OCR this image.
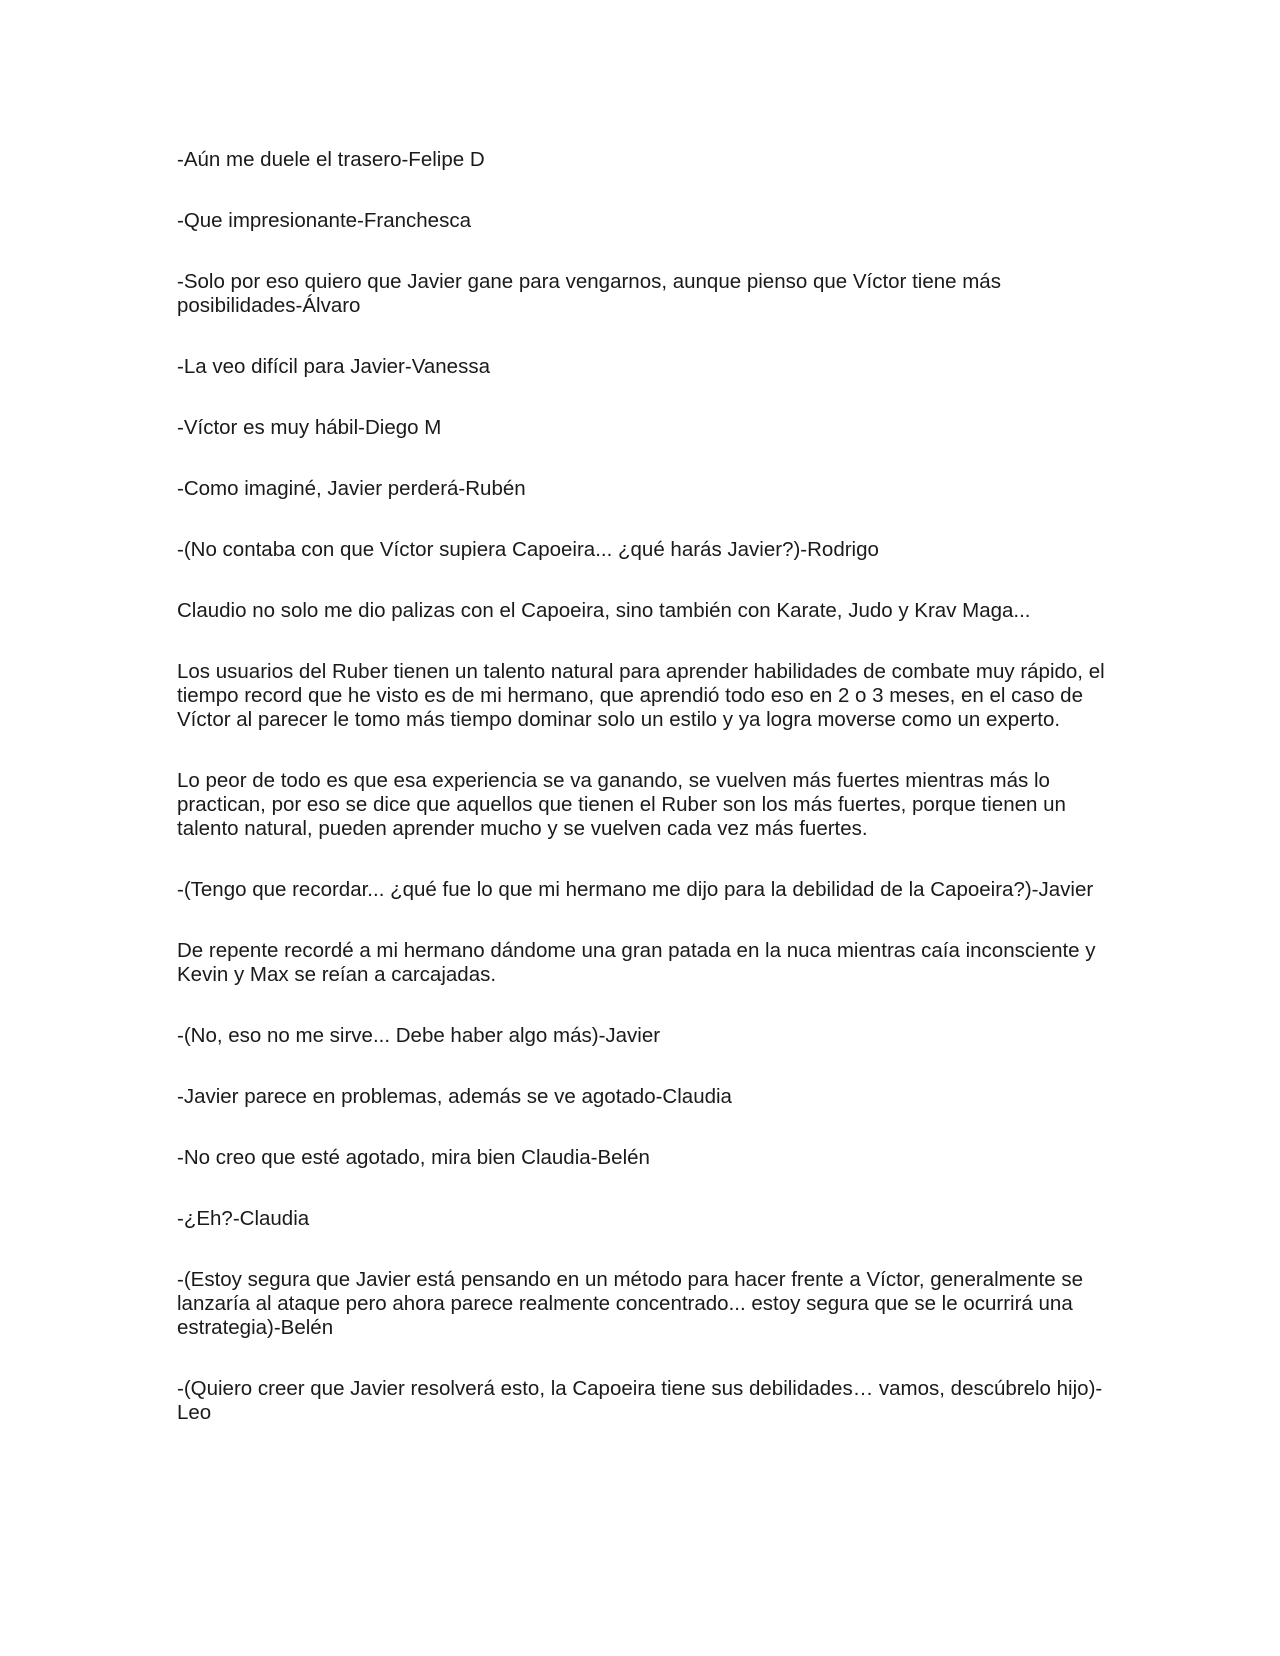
-Aún me duele el trasero-Felipe D

-Que impresionante-Franchesca

-Solo por eso quiero que Javier gane para vengarnos, aunque pienso que Víctor tiene más posibilidades-Álvaro

-La veo difícil para Javier-Vanessa

-Víctor es muy hábil-Diego M

-Como imaginé, Javier perderá-Rubén

-(No contaba con que Víctor supiera Capoeira... ¿qué harás Javier?)-Rodrigo

Claudio no solo me dio palizas con el Capoeira, sino también con Karate, Judo y Krav Maga...

Los usuarios del Ruber tienen un talento natural para aprender habilidades de combate muy rápido, el tiempo record que he visto es de mi hermano, que aprendió todo eso en 2 o 3 meses, en el caso de Víctor al parecer le tomo más tiempo dominar solo un estilo y ya logra moverse como un experto.

Lo peor de todo es que esa experiencia se va ganando, se vuelven más fuertes mientras más lo practican, por eso se dice que aquellos que tienen el Ruber son los más fuertes, porque tienen un talento natural, pueden aprender mucho y se vuelven cada vez más fuertes.

-(Tengo que recordar... ¿qué fue lo que mi hermano me dijo para la debilidad de la Capoeira?)-Javier

De repente recordé a mi hermano dándome una gran patada en la nuca mientras caía inconsciente y Kevin y Max se reían a carcajadas.

-(No, eso no me sirve... Debe haber algo más)-Javier

-Javier parece en problemas, además se ve agotado-Claudia

-No creo que esté agotado, mira bien Claudia-Belén

-¿Eh?-Claudia

-(Estoy segura que Javier está pensando en un método para hacer frente a Víctor, generalmente se lanzaría al ataque pero ahora parece realmente concentrado... estoy segura que se le ocurrirá una estrategia)-Belén

-(Quiero creer que Javier resolverá esto, la Capoeira tiene sus debilidades… vamos, descúbrelo hijo)-Leo
